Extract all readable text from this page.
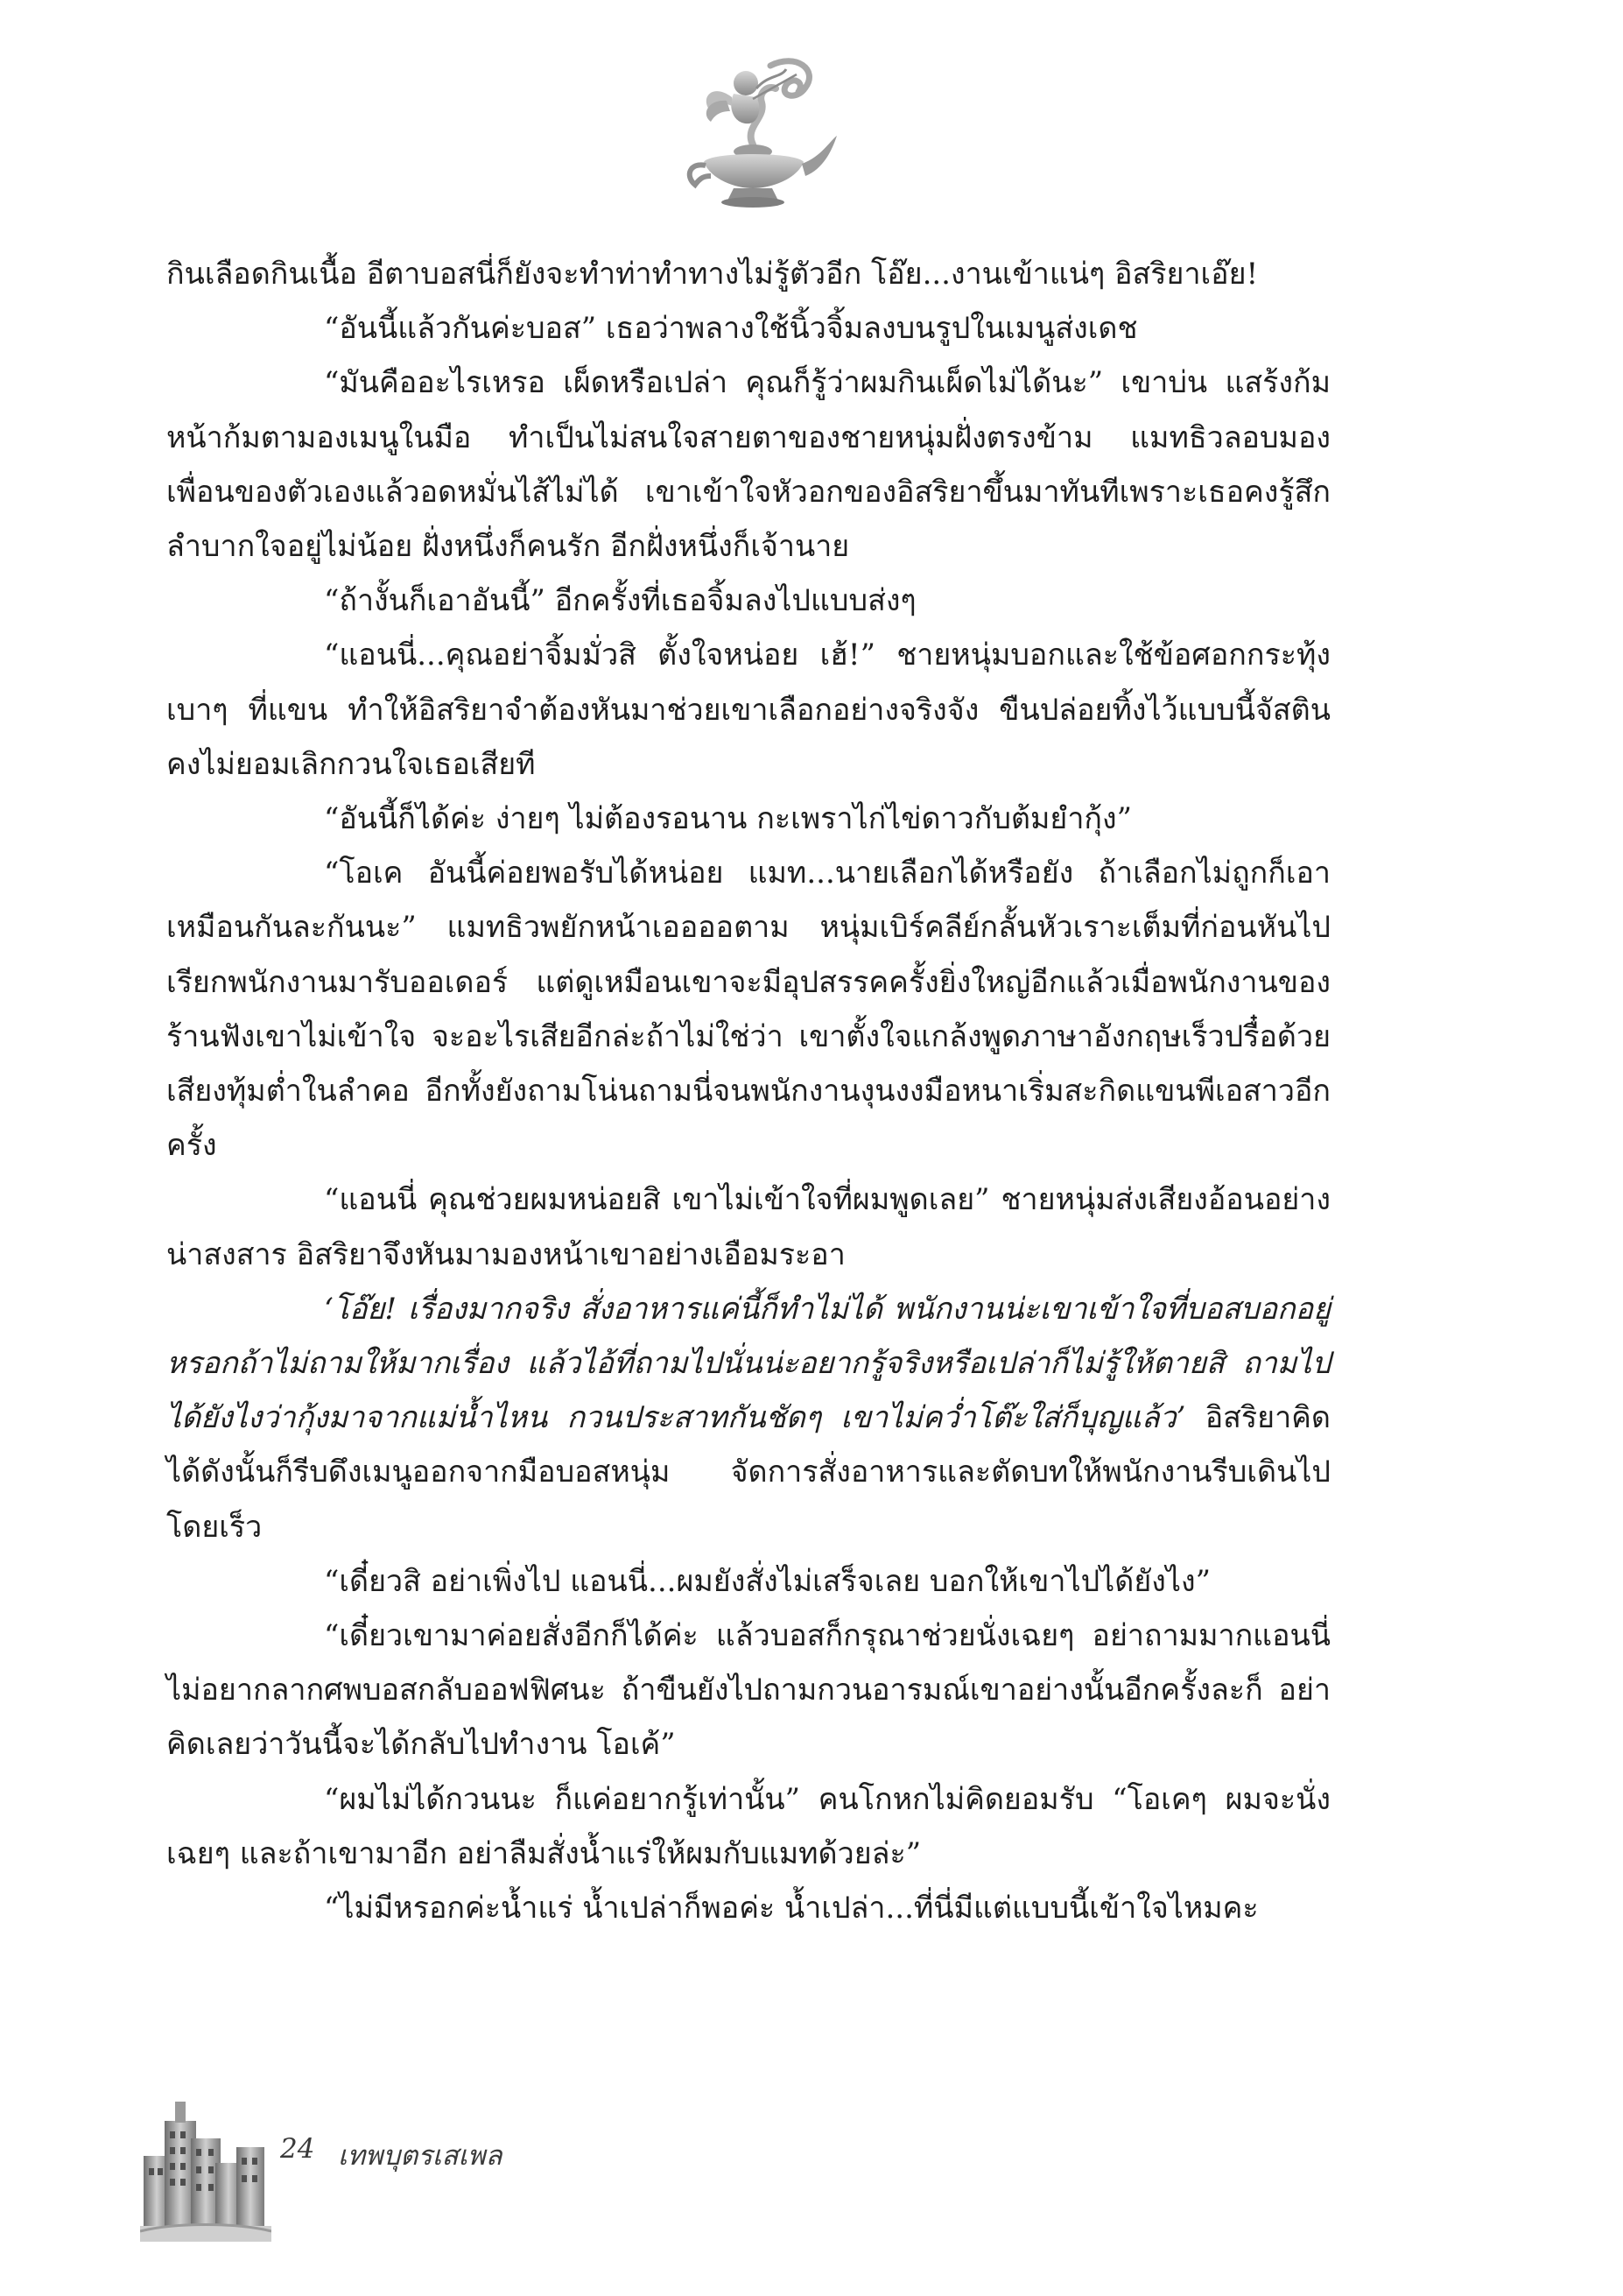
กินเลือดกินเนื้อ อีตาบอสนี่ก็ยังจะทำท่าทำทางไม่รู้ตัวอีก โอ๊ย...งานเข้าแน่ๆ อิสริยาเอ๊ย!

“อันนี้แล้วกันค่ะบอส” เธอว่าพลางใช้นิ้วจิ้มลงบนรูปในเมนูส่งเดช

“มันคืออะไรเหรอ เผ็ดหรือเปล่า คุณก็รู้ว่าผมกินเผ็ดไม่ได้นะ” เขาบ่น แสร้งก้มหน้าก้มตามองเมนูในมือ ทำเป็นไม่สนใจสายตาของชายหนุ่มฝั่งตรงข้าม แมทธิวลอบมองเพื่อนของตัวเองแล้วอดหมั่นไส้ไม่ได้ เขาเข้าใจหัวอกของอิสริยาขึ้นมาทันทีเพราะเธอคงรู้สึกลำบากใจอยู่ไม่น้อย ฝั่งหนึ่งก็คนรัก อีกฝั่งหนึ่งก็เจ้านาย

“ถ้างั้นก็เอาอันนี้” อีกครั้งที่เธอจิ้มลงไปแบบส่งๆ

“แอนนี่...คุณอย่าจิ้มมั่วสิ ตั้งใจหน่อย เฮ้!” ชายหนุ่มบอกและใช้ข้อศอกกระทุ้งเบาๆ ที่แขน ทำให้อิสริยาจำต้องหันมาช่วยเขาเลือกอย่างจริงจัง ขืนปล่อยทิ้งไว้แบบนี้จัสตินคงไม่ยอมเลิกกวนใจเธอเสียที

“อันนี้ก็ได้ค่ะ ง่ายๆ ไม่ต้องรอนาน กะเพราไก่ไข่ดาวกับต้มยำกุ้ง”

“โอเค อันนี้ค่อยพอรับได้หน่อย แมท...นายเลือกได้หรือยัง ถ้าเลือกไม่ถูกก็เอาเหมือนกันละกันนะ” แมทธิวพยักหน้าเออออตาม หนุ่มเบิร์คลีย์กลั้นหัวเราะเต็มที่ก่อนหันไปเรียกพนักงานมารับออเดอร์ แต่ดูเหมือนเขาจะมีอุปสรรคครั้งยิ่งใหญ่อีกแล้วเมื่อพนักงานของร้านฟังเขาไม่เข้าใจ จะอะไรเสียอีกล่ะถ้าไม่ใช่ว่า เขาตั้งใจแกล้งพูดภาษาอังกฤษเร็วปรื๋อด้วยเสียงทุ้มต่ำในลำคอ อีกทั้งยังถามโน่นถามนี่จนพนักงานงุนงงมือหนาเริ่มสะกิดแขนพีเอสาวอีกครั้ง

“แอนนี่ คุณช่วยผมหน่อยสิ เขาไม่เข้าใจที่ผมพูดเลย” ชายหนุ่มส่งเสียงอ้อนอย่างน่าสงสาร อิสริยาจึงหันมามองหน้าเขาอย่างเอือมระอา

‘โอ๊ย! เรื่องมากจริง สั่งอาหารแค่นี้ก็ทำไม่ได้ พนักงานน่ะเขาเข้าใจที่บอสบอกอยู่หรอกถ้าไม่ถามให้มากเรื่อง แล้วไอ้ที่ถามไปนั่นน่ะอยากรู้จริงหรือเปล่าก็ไม่รู้ให้ตายสิ ถามไปได้ยังไงว่ากุ้งมาจากแม่น้ำไหน กวนประสาทกันชัดๆ เขาไม่คว่ำโต๊ะใส่ก็บุญแล้ว’ อิสริยาคิดได้ดังนั้นก็รีบดึงเมนูออกจากมือบอสหนุ่ม จัดการสั่งอาหารและตัดบทให้พนักงานรีบเดินไปโดยเร็ว

“เดี๋ยวสิ อย่าเพิ่งไป แอนนี่...ผมยังสั่งไม่เสร็จเลย บอกให้เขาไปได้ยังไง”

“เดี๋ยวเขามาค่อยสั่งอีกก็ได้ค่ะ แล้วบอสก็กรุณาช่วยนั่งเฉยๆ อย่าถามมากแอนนี่ไม่อยากลากศพบอสกลับออฟฟิศนะ ถ้าขืนยังไปถามกวนอารมณ์เขาอย่างนั้นอีกครั้งละก็ อย่าคิดเลยว่าวันนี้จะได้กลับไปทำงาน โอเค้”

“ผมไม่ได้กวนนะ ก็แค่อยากรู้เท่านั้น” คนโกหกไม่คิดยอมรับ “โอเคๆ ผมจะนั่งเฉยๆ และถ้าเขามาอีก อย่าลืมสั่งน้ำแร่ให้ผมกับแมทด้วยล่ะ”

“ไม่มีหรอกค่ะน้ำแร่ น้ำเปล่าก็พอค่ะ น้ำเปล่า...ที่นี่มีแต่แบบนี้เข้าใจไหมคะ

24 เทพบุตรเสเพล
